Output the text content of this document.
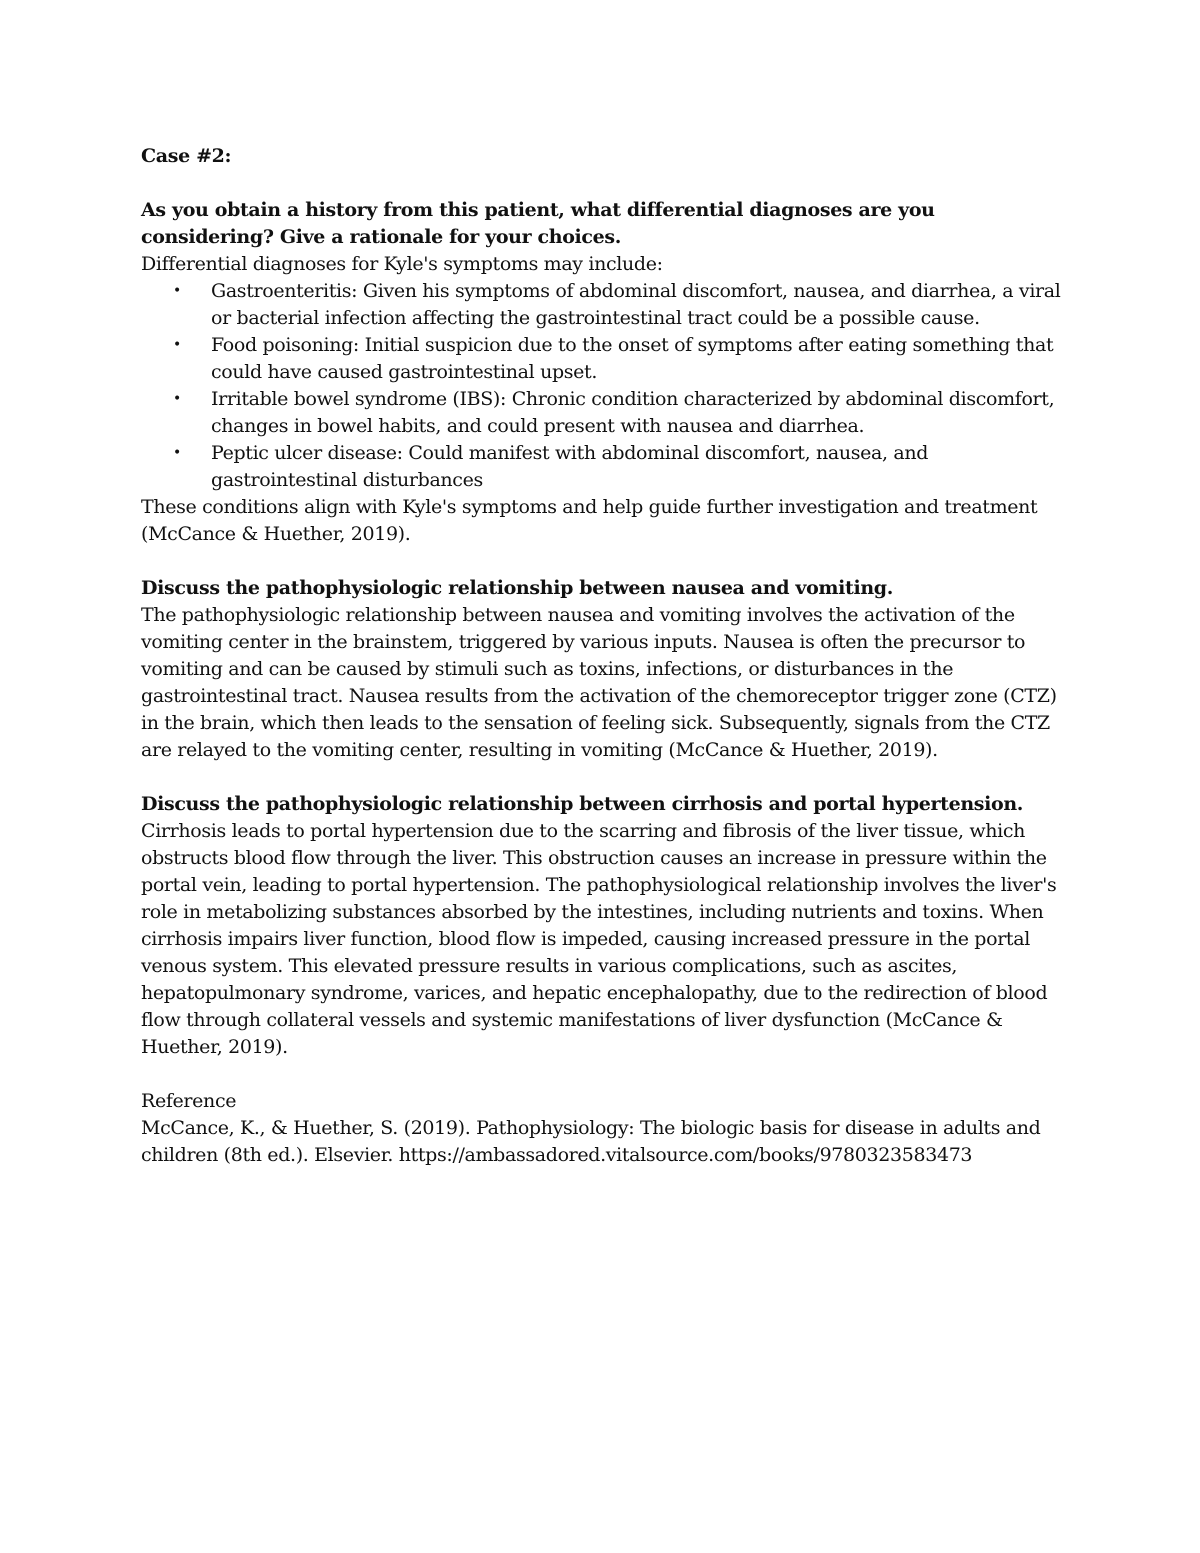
Case #2:

As you obtain a history from this patient, what differential diagnoses are you considering? Give a rationale for your choices.

Differential diagnoses for Kyle's symptoms may include:

• Gastroenteritis: Given his symptoms of abdominal discomfort, nausea, and diarrhea, a viral or bacterial infection affecting the gastrointestinal tract could be a possible cause.
• Food poisoning: Initial suspicion due to the onset of symptoms after eating something that could have caused gastrointestinal upset.
• Irritable bowel syndrome (IBS): Chronic condition characterized by abdominal discomfort, changes in bowel habits, and could present with nausea and diarrhea.
• Peptic ulcer disease: Could manifest with abdominal discomfort, nausea, and gastrointestinal disturbances

These conditions align with Kyle's symptoms and help guide further investigation and treatment (McCance & Huether, 2019).

Discuss the pathophysiologic relationship between nausea and vomiting.

The pathophysiologic relationship between nausea and vomiting involves the activation of the vomiting center in the brainstem, triggered by various inputs. Nausea is often the precursor to vomiting and can be caused by stimuli such as toxins, infections, or disturbances in the gastrointestinal tract. Nausea results from the activation of the chemoreceptor trigger zone (CTZ) in the brain, which then leads to the sensation of feeling sick. Subsequently, signals from the CTZ are relayed to the vomiting center, resulting in vomiting (McCance & Huether, 2019).

Discuss the pathophysiologic relationship between cirrhosis and portal hypertension.

Cirrhosis leads to portal hypertension due to the scarring and fibrosis of the liver tissue, which obstructs blood flow through the liver. This obstruction causes an increase in pressure within the portal vein, leading to portal hypertension. The pathophysiological relationship involves the liver's role in metabolizing substances absorbed by the intestines, including nutrients and toxins. When cirrhosis impairs liver function, blood flow is impeded, causing increased pressure in the portal venous system. This elevated pressure results in various complications, such as ascites, hepatopulmonary syndrome, varices, and hepatic encephalopathy, due to the redirection of blood flow through collateral vessels and systemic manifestations of liver dysfunction (McCance & Huether, 2019).

Reference

McCance, K., & Huether, S. (2019). Pathophysiology: The biologic basis for disease in adults and children (8th ed.). Elsevier. https://ambassadored.vitalsource.com/books/9780323583473
